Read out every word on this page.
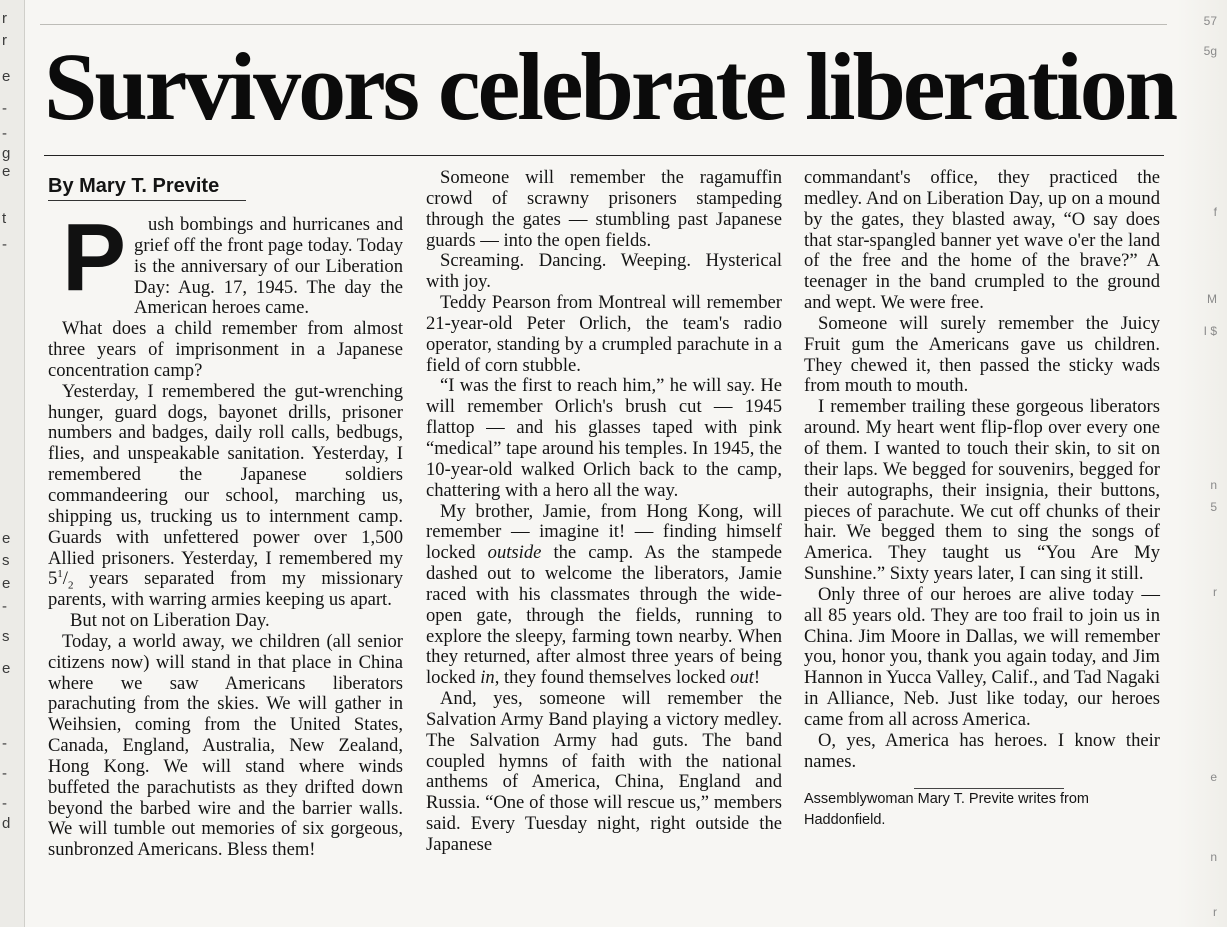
r
r
e
-
-
g
e
t
-
e
s
e
-
s
e
-
-
-
d
57
5g
f
I $
M
n
5
r
e
n
r
Survivors celebrate liberation
By Mary T. Previte

P ush bombings and hurricanes and grief off the front page today. Today is the anniversary of our Liberation Day: Aug. 17, 1945. The day the American heroes came.

What does a child remember from almost three years of imprisonment in a Japanese concentration camp?

Yesterday, I remembered the gut-wrenching hunger, guard dogs, bayonet drills, prisoner numbers and badges, daily roll calls, bedbugs, flies, and unspeakable sanitation. Yesterday, I remembered the Japanese soldiers commandeering our school, marching us, shipping us, trucking us to internment camp. Guards with unfettered power over 1,500 Allied prisoners. Yesterday, I remembered my $5^1/_2$ years separated from my missionary parents, with warring armies keeping us apart.

But not on Liberation Day.

Today, a world away, we children (all senior citizens now) will stand in that place in China where we saw Americans liberators parachuting from the skies. We will gather in Weihsien, coming from the United States, Canada, England, Australia, New Zealand, Hong Kong. We will stand where winds buffeted the parachutists as they drifted down beyond the barbed wire and the barrier walls. We will tumble out memories of six gorgeous, sunbronzed Americans. Bless them!

Someone will remember the ragamuffin crowd of scrawny prisoners stampeding through the gates — stumbling past Japanese guards — into the open fields.

Screaming. Dancing. Weeping. Hysterical with joy.

Teddy Pearson from Montreal will remember 21-year-old Peter Orlich, the team's radio operator, standing by a crumpled parachute in a field of corn stubble.

“I was the first to reach him,” he will say. He will remember Orlich's brush cut — 1945 flattop — and his glasses taped with pink “medical” tape around his temples. In 1945, the 10-year-old walked Orlich back to the camp, chattering with a hero all the way.

My brother, Jamie, from Hong Kong, will remember — imagine it! — finding himself locked outside the camp. As the stampede dashed out to welcome the liberators, Jamie raced with his classmates through the wide-open gate, through the fields, running to explore the sleepy, farming town nearby. When they returned, after almost three years of being locked in, they found themselves locked out!

And, yes, someone will remember the Salvation Army Band playing a victory medley. The Salvation Army had guts. The band coupled hymns of faith with the national anthems of America, China, England and Russia. “One of those will rescue us,” members said. Every Tuesday night, right outside the Japanese

commandant's office, they practiced the medley. And on Liberation Day, up on a mound by the gates, they blasted away, “O say does that star-spangled banner yet wave o'er the land of the free and the home of the brave?” A teenager in the band crumpled to the ground and wept. We were free.

Someone will surely remember the Juicy Fruit gum the Americans gave us children. They chewed it, then passed the sticky wads from mouth to mouth.

I remember trailing these gorgeous liberators around. My heart went flip-flop over every one of them. I wanted to touch their skin, to sit on their laps. We begged for souvenirs, begged for their autographs, their insignia, their buttons, pieces of parachute. We cut off chunks of their hair. We begged them to sing the songs of America. They taught us “You Are My Sunshine.” Sixty years later, I can sing it still.

Only three of our heroes are alive today — all 85 years old. They are too frail to join us in China. Jim Moore in Dallas, we will remember you, honor you, thank you again today, and Jim Hannon in Yucca Valley, Calif., and Tad Nagaki in Alliance, Neb. Just like today, our heroes came from all across America.

O, yes, America has heroes. I know their names.

Assemblywoman Mary T. Previte writes from Haddonfield.
